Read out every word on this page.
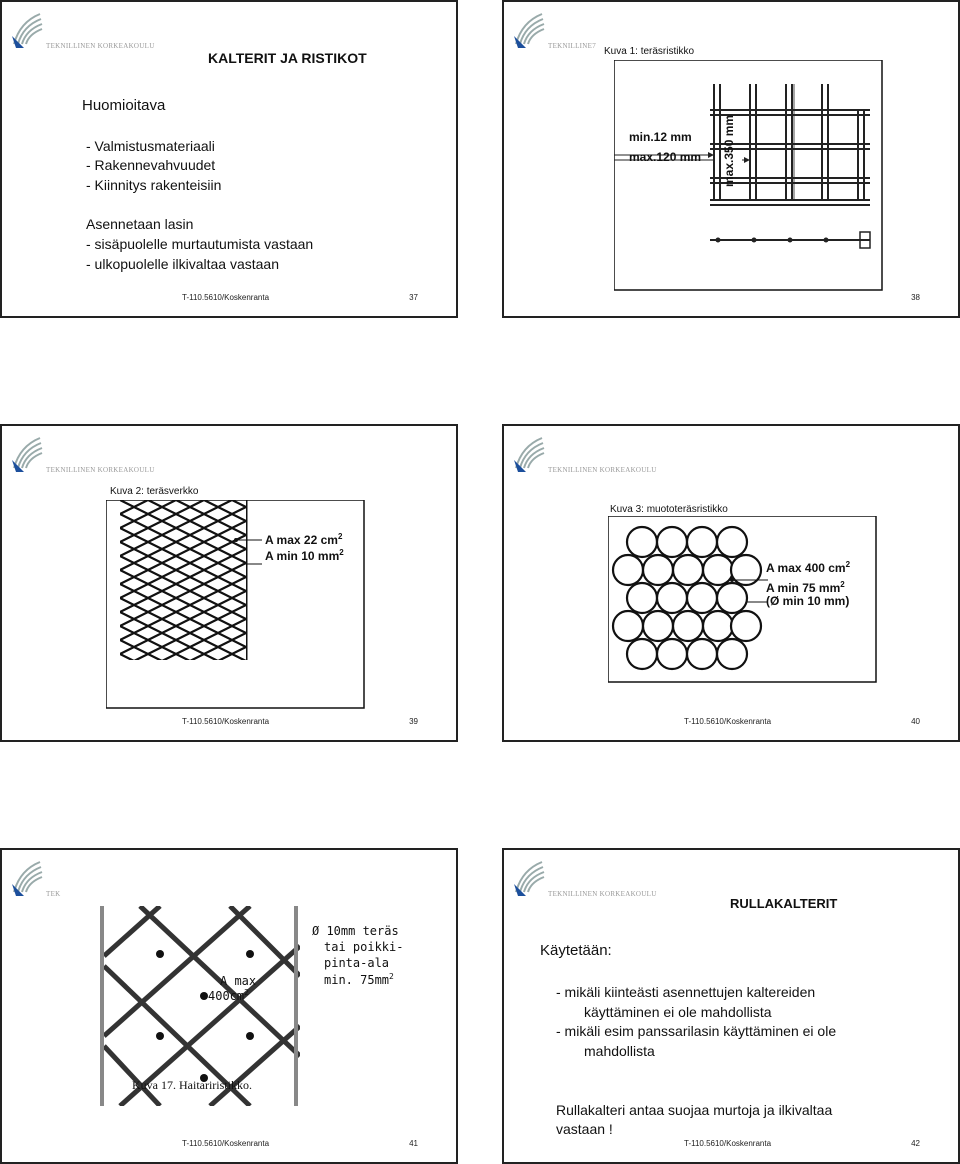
TEKNILLINEN KORKEAKOULU
KALTERIT JA RISTIKOT
Huomioitava
- Valmistusmateriaali
- Rakennevahvuudet
- Kiinnitys rakenteisiin
Asennetaan lasin
- sisäpuolelle murtautumista vastaan
- ulkopuolelle ilkivaltaa vastaan
T-110.5610/Koskenranta	37
TEKNILLINE7 Kuva 1: teräsristikko
min.12 mm
max.120 mm max.350 mm
38
TEKNILLINEN KORKEAKOULU
Kuva 2: teräsverkko
A max 22 $cm^2$
A min 10 $mm^2$
T-110.5610/Koskenranta	39
TEKNILLINEN KORKEAKOULU
Kuva 3: muototeräsristikko
A max 400 $cm^2$
A min 75 $mm^2$
(Ø min 10 mm)
T-110.5610/Koskenranta	40
TEK
Ø 10mm teräs
tai poikki-
pinta-ala
min. $75mm^2$
A max
$400cm^2$
Kuva 17. Haitariristikko.
T-110.5610/Koskenranta	41
TEKNILLINEN KORKEAKOULU
RULLAKALTERIT
Käytetään:
- mikäli kiinteästi asennettujen kaltereiden
käyttäminen ei ole mahdollista
- mikäli esim panssarilasin käyttäminen ei ole
mahdollista
Rullakalteri antaa suojaa murtoja ja ilkivaltaa
vastaan !
T-110.5610/Koskenranta	42
